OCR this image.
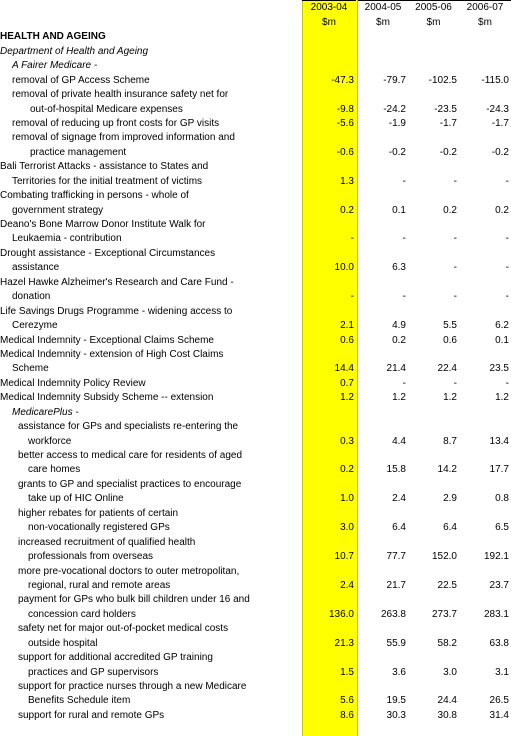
	2003-04		2004-05	2005-06	2006-07
	$m		$m	$m	$m
HEALTH AND AGEING					
Department of Health and Ageing					
A Fairer Medicare -					
removal of GP Access Scheme	-47.3		-79.7	-102.5	-115.0
removal of private health insurance safety net for					
out-of-hospital Medicare expenses	-9.8		-24.2	-23.5	-24.3
removal of reducing up front costs for GP visits	-5.6		-1.9	-1.7	-1.7
removal of signage from improved information and					
practice management	-0.6		-0.2	-0.2	-0.2
Bali Terrorist Attacks - assistance to States and					
Territories for the initial treatment of victims	1.3		-	-	-
Combating trafficking in persons - whole of					
government strategy	0.2		0.1	0.2	0.2
Deano's Bone Marrow Donor Institute Walk for					
Leukaemia - contribution	-		-	-	-
Drought assistance - Exceptional Circumstances					
assistance	10.0		6.3	-	-
Hazel Hawke Alzheimer's Research and Care Fund -					
donation	-		-	-	-
Life Savings Drugs Programme - widening access to					
Cerezyme	2.1		4.9	5.5	6.2
Medical Indemnity - Exceptional Claims Scheme	0.6		0.2	0.6	0.1
Medical Indemnity - extension of High Cost Claims					
Scheme	14.4		21.4	22.4	23.5
Medical Indemnity Policy Review	0.7		-	-	-
Medical Indemnity Subsidy Scheme -- extension	1.2		1.2	1.2	1.2
MedicarePlus -					
assistance for GPs and specialists re-entering the					
workforce	0.3		4.4	8.7	13.4
better access to medical care for residents of aged					
care homes	0.2		15.8	14.2	17.7
grants to GP and specialist practices to encourage					
take up of HIC Online	1.0		2.4	2.9	0.8
higher rebates for patients of certain					
non-vocationally registered GPs	3.0		6.4	6.4	6.5
increased recruitment of qualified health					
professionals from overseas	10.7		77.7	152.0	192.1
more pre-vocational doctors to outer metropolitan,					
regional, rural and remote areas	2.4		21.7	22.5	23.7
payment for GPs who bulk bill children under 16 and					
concession card holders	136.0		263.8	273.7	283.1
safety net for major out-of-pocket medical costs					
outside hospital	21.3		55.9	58.2	63.8
support for additional accredited GP training					
practices and GP supervisors	1.5		3.6	3.0	3.1
support for practice nurses through a new Medicare					
Benefits Schedule item	5.6		19.5	24.4	26.5
support for rural and remote GPs	8.6		30.3	30.8	31.4
